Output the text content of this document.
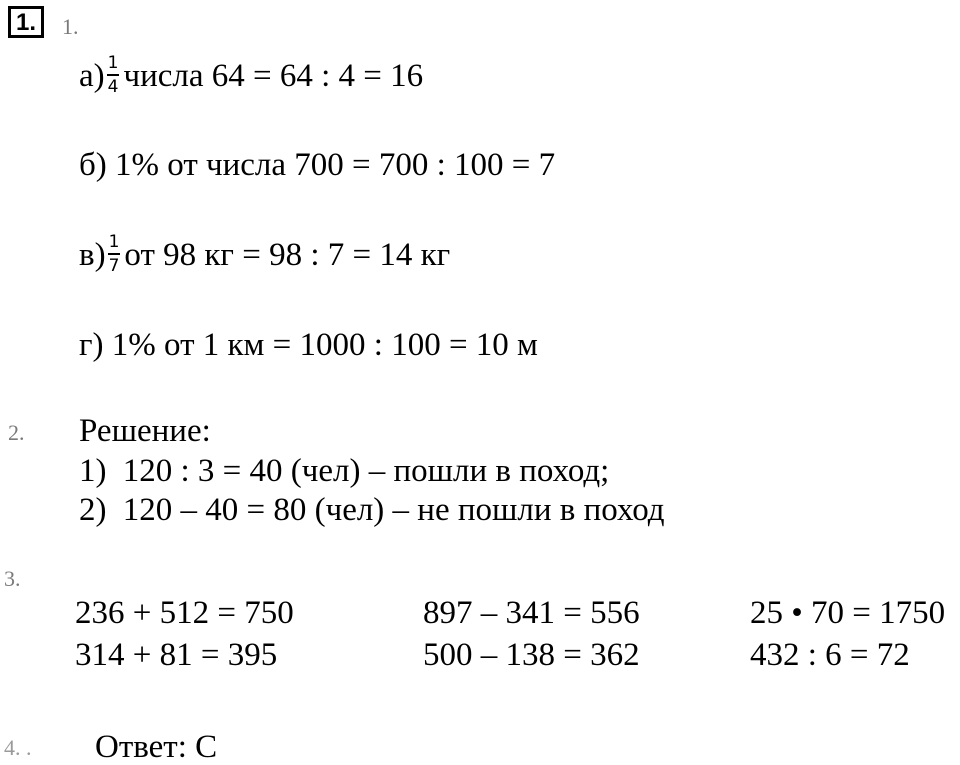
1.	1.
$а) \frac{1}{4}$ числа 64 = 64 : 4 = 16
б) 1% от числа 700 = 700 : 100 = 7
$в) \frac{1}{7}$ от 98 кг = 98 : 7 = 14 кг
г) 1% от 1 км = 1000 : 100 = 10 м
2. Решение:
1) 120 : 3 = 40 (чел) – пошли в поход;
2) 120 – 40 = 80 (чел) – не пошли в поход
3.
236 + 512 = 750	897 – 341 = 556	25 • 70 = 1750
314 + 81 = 395	500 – 138 = 362	432 : 6 = 72
4. . Ответ: С
